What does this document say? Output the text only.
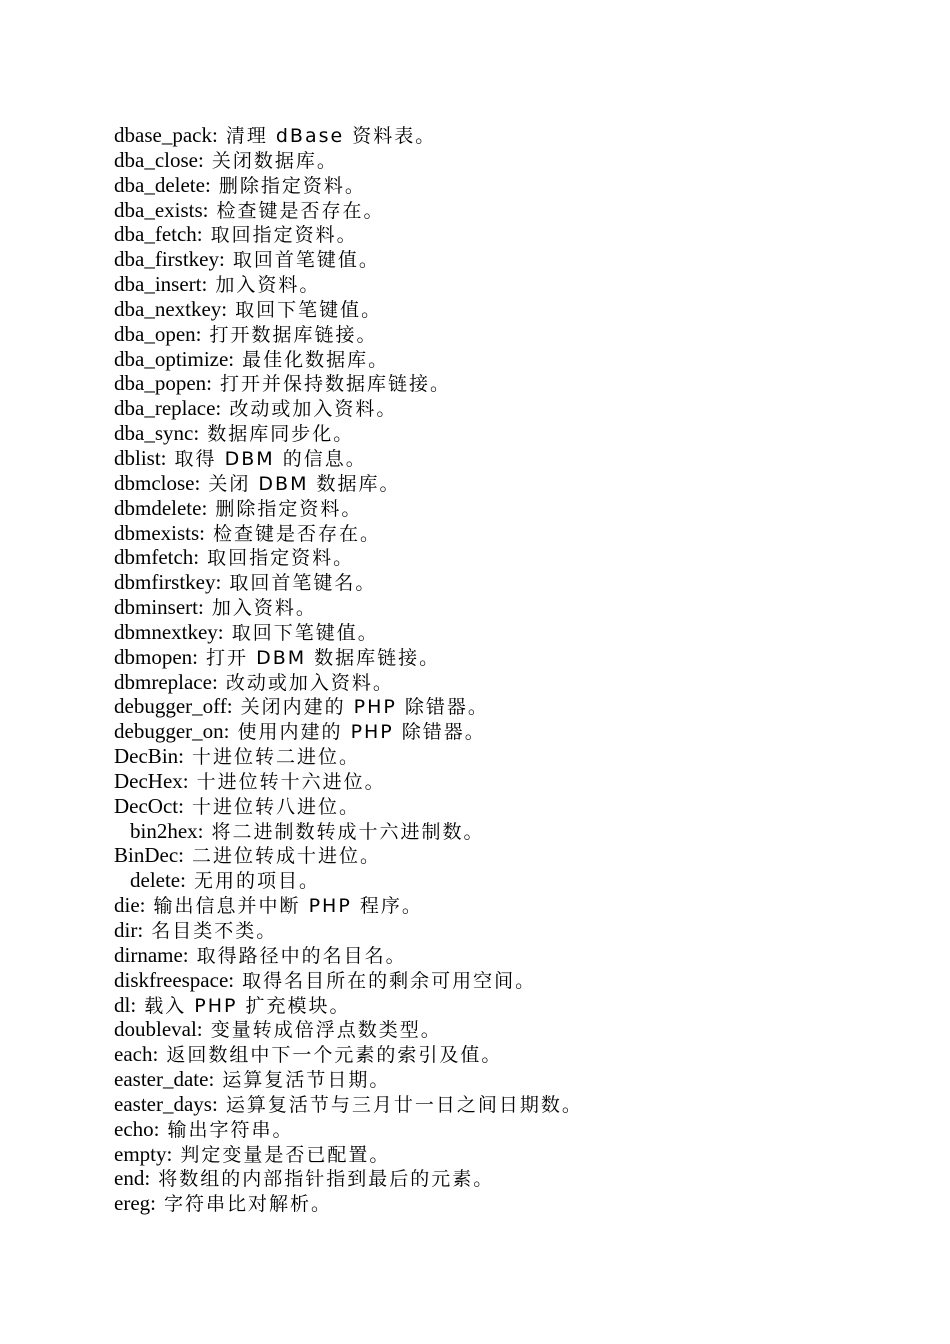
dbase_pack: 清理 dBase 资料表。
dba_close: 关闭数据库。
dba_delete: 删除指定资料。
dba_exists: 检查键是否存在。
dba_fetch: 取回指定资料。
dba_firstkey: 取回首笔键值。
dba_insert: 加入资料。
dba_nextkey: 取回下笔键值。
dba_open: 打开数据库链接。
dba_optimize: 最佳化数据库。
dba_popen: 打开并保持数据库链接。
dba_replace: 改动或加入资料。
dba_sync: 数据库同步化。
dblist: 取得 DBM 的信息。
dbmclose: 关闭 DBM 数据库。
dbmdelete: 删除指定资料。
dbmexists: 检查键是否存在。
dbmfetch: 取回指定资料。
dbmfirstkey: 取回首笔键名。
dbminsert: 加入资料。
dbmnextkey: 取回下笔键值。
dbmopen: 打开 DBM 数据库链接。
dbmreplace: 改动或加入资料。
debugger_off: 关闭内建的 PHP 除错器。
debugger_on: 使用内建的 PHP 除错器。
DecBin: 十进位转二进位。
DecHex: 十进位转十六进位。
DecOct: 十进位转八进位。
bin2hex: 将二进制数转成十六进制数。
BinDec: 二进位转成十进位。
delete: 无用的项目。
die: 输出信息并中断 PHP 程序。
dir: 名目类不类。
dirname: 取得路径中的名目名。
diskfreespace: 取得名目所在的剩余可用空间。
dl: 载入 PHP 扩充模块。
doubleval: 变量转成倍浮点数类型。
each: 返回数组中下一个元素的索引及值。
easter_date: 运算复活节日期。
easter_days: 运算复活节与三月廿一日之间日期数。
echo: 输出字符串。
empty: 判定变量是否已配置。
end: 将数组的内部指针指到最后的元素。
ereg: 字符串比对解析。
